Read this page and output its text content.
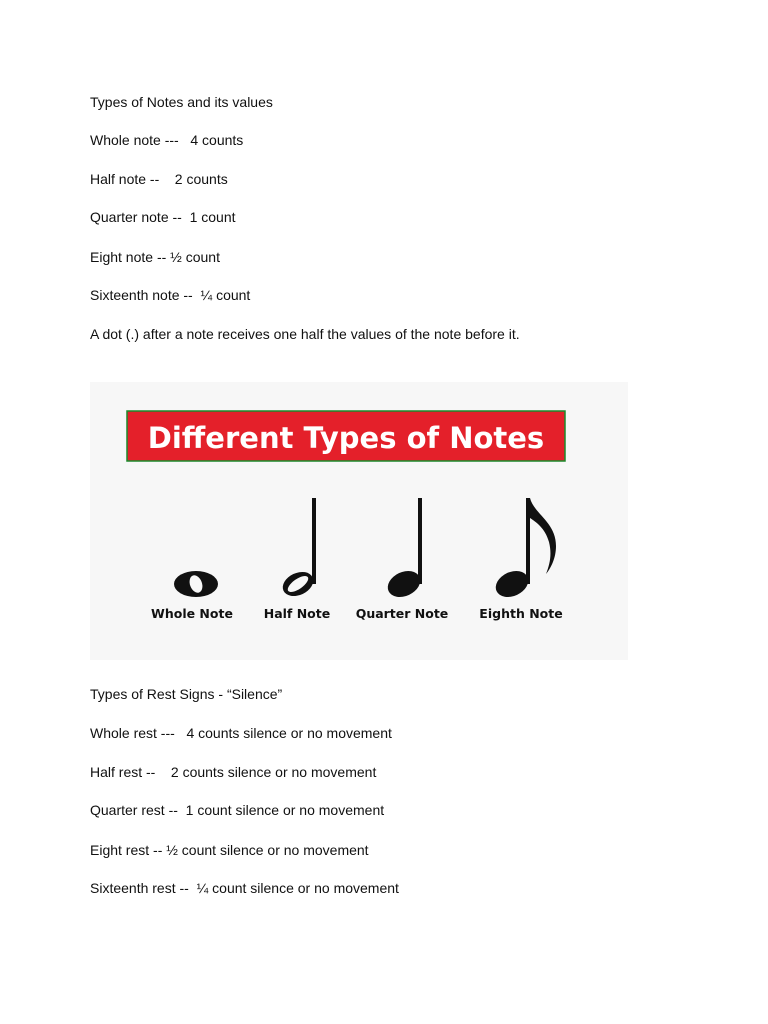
Types of Notes and its values

Whole note ---   4 counts

Half note --    2 counts

Quarter note --  1 count

Eight note -- ½ count

Sixteenth note --  ¼ count

A dot (.) after a note receives one half the values of the note before it.

Different Types of Notes
Whole Note Half Note Quarter Note Eighth Note

Types of Rest Signs - “Silence”

Whole rest ---   4 counts silence or no movement

Half rest --    2 counts silence or no movement

Quarter rest --  1 count silence or no movement

Eight rest -- ½ count silence or no movement

Sixteenth rest --  ¼ count silence or no movement
